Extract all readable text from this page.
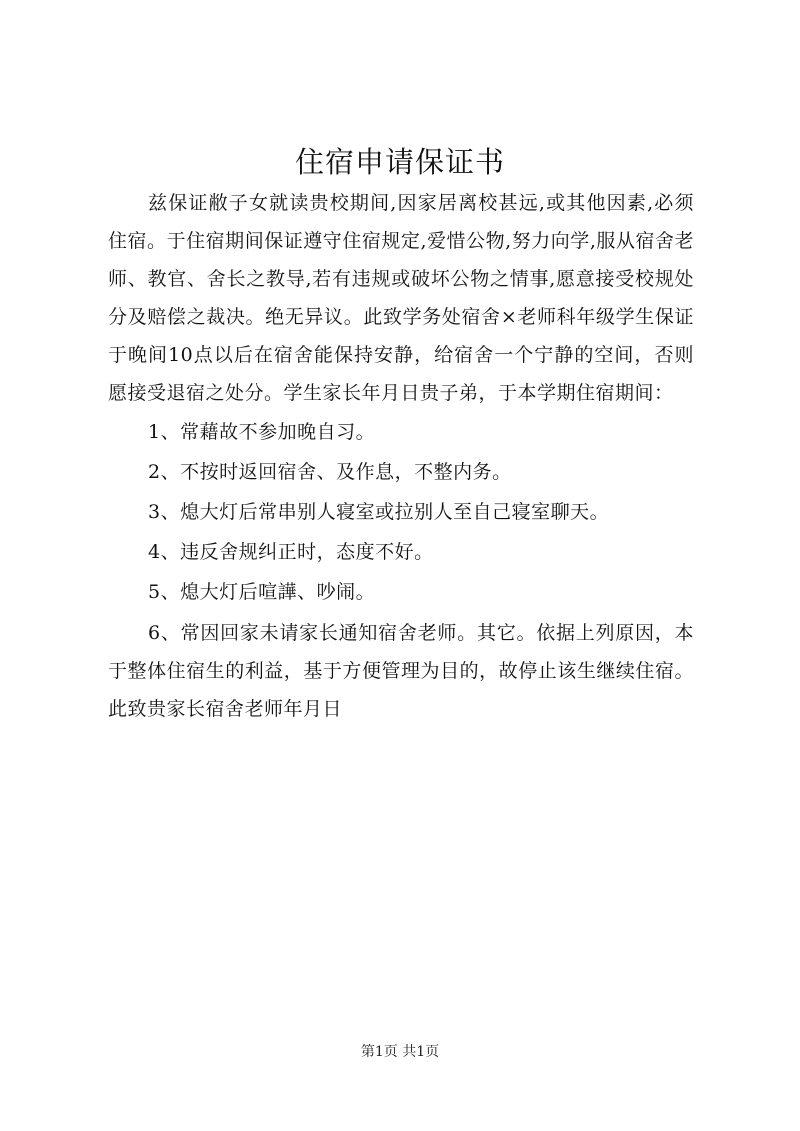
住宿申请保证书

兹保证敝子女就读贵校期间,因家居离校甚远,或其他因素,必须住宿。于住宿期间保证遵守住宿规定,爱惜公物,努力向学,服从宿舍老师、教官、舍长之教导,若有违规或破坏公物之情事,愿意接受校规处分及赔偿之裁决。绝无异议。此致学务处宿舍×老师科年级学生保证于晚间10点以后在宿舍能保持安静，给宿舍一个宁静的空间，否则愿接受退宿之处分。学生家长年月日贵子弟，于本学期住宿期间：

1、常藉故不参加晚自习。

2、不按时返回宿舍、及作息，不整内务。

3、熄大灯后常串别人寝室或拉别人至自己寝室聊天。

4、违反舍规纠正时，态度不好。

5、熄大灯后喧譁、吵闹。

6、常因回家未请家长通知宿舍老师。其它。依据上列原因，本于整体住宿生的利益，基于方便管理为目的，故停止该生继续住宿。此致贵家长宿舍老师年月日

第1页 共1页
